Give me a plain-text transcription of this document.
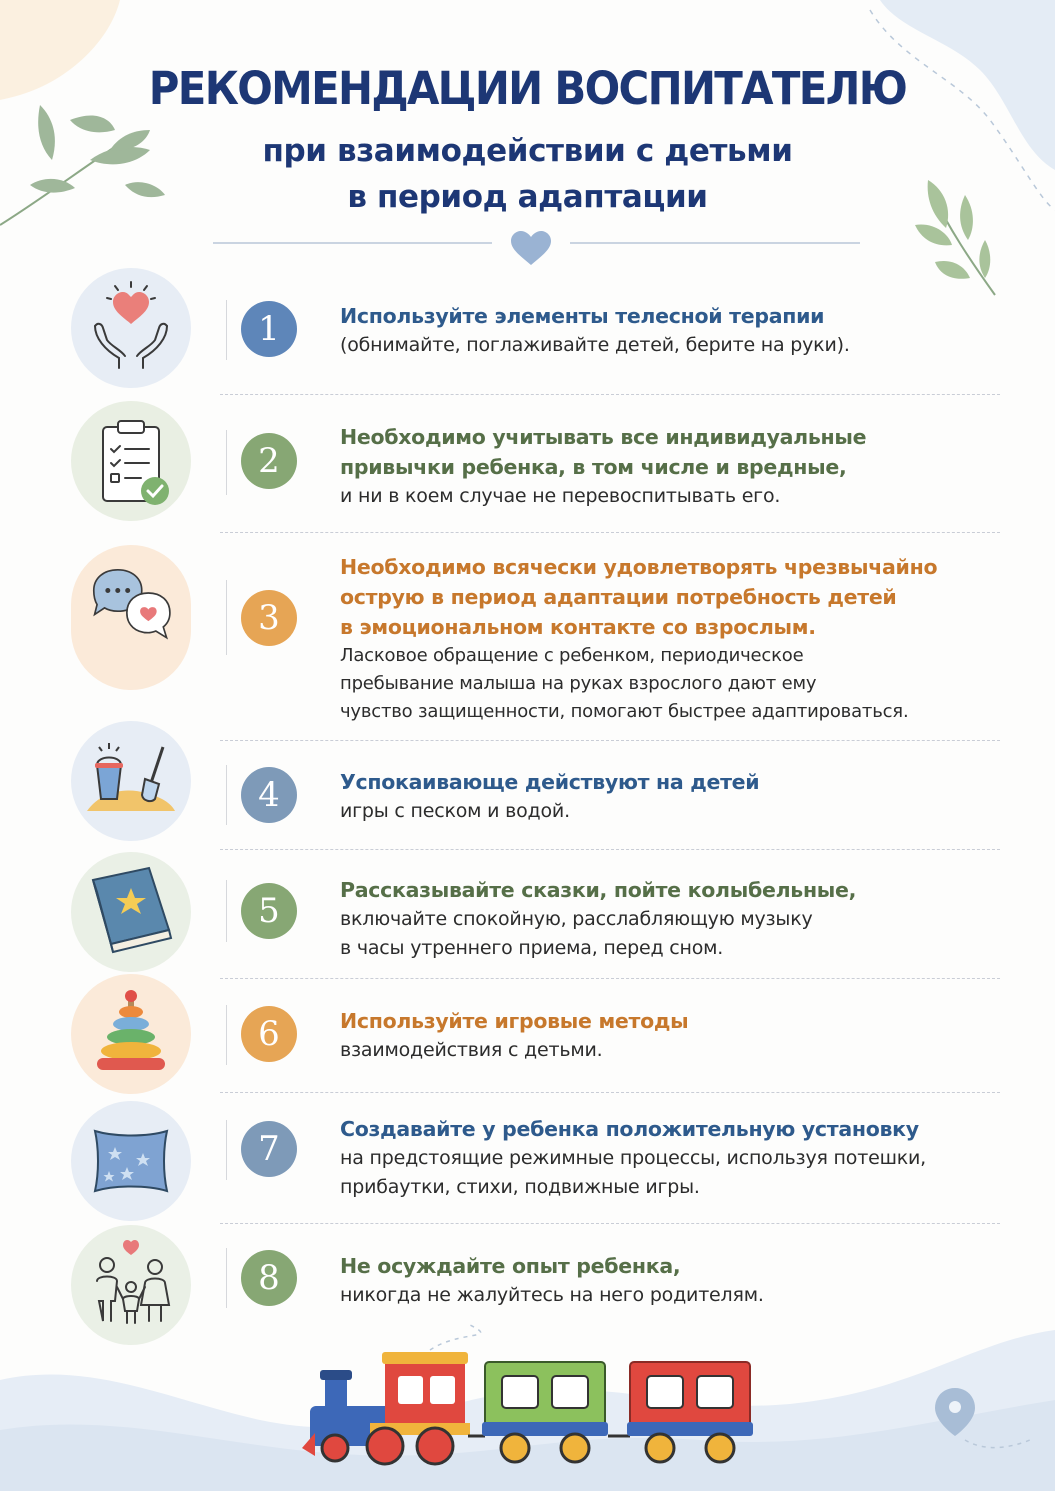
РЕКОМЕНДАЦИИ ВОСПИТАТЕЛЮ
при взаимодействии с детьми
в период адаптации
1	Используйте элементы телесной терапии
(обнимайте, поглаживайте детей, берите на руки).
2
Необходимо учитывать все индивидуальные
привычки ребенка, в том числе и вредные,
и ни в коем случае не перевоспитывать его.
3
Необходимо всячески удовлетворять чрезвычайно
острую в период адаптации потребность детей
в эмоциональном контакте со взрослым.
Ласковое обращение с ребенком, периодическое
пребывание малыша на руках взрослого дают ему
чувство защищенности, помогают быстрее адаптироваться.
4	Успокаивающе действуют на детей
игры с песком и водой.
5
Рассказывайте сказки, пойте колыбельные,
включайте спокойную, расслабляющую музыку
в часы утреннего приема, перед сном.
6	Используйте игровые методы
взаимодействия с детьми.
7	Создавайте у ребенка положительную установку
на предстоящие режимные процессы, используя потешки,
прибаутки, стихи, подвижные игры.
8	Не осуждайте опыт ребенка,
никогда не жалуйтесь на него родителям.
